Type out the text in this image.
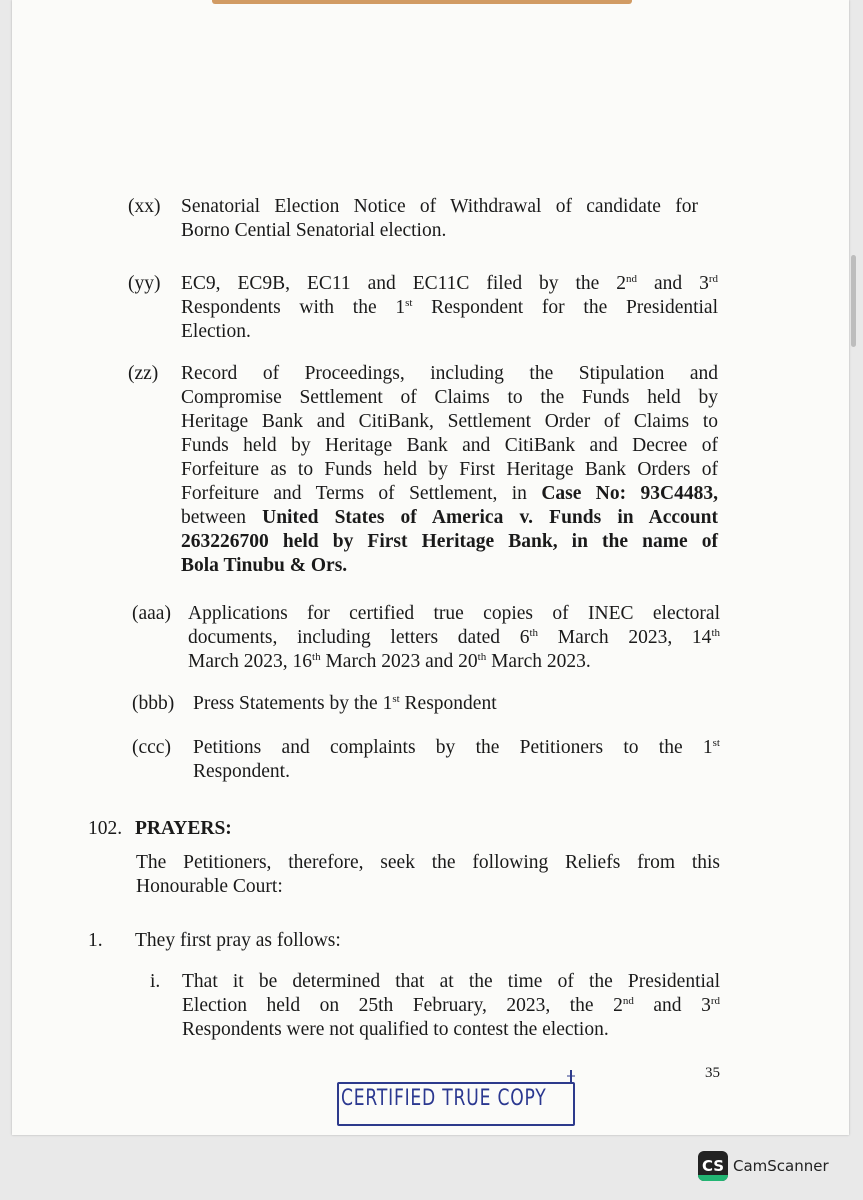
(xx) Senatorial Election Notice of Withdrawal of candidate for
Borno Cential Senatorial election.
(yy) EC9, EC9B, EC11 and EC11C filed by the 2nd and 3rd
Respondents with the 1st Respondent for the Presidential
Election.
(zz) Record of Proceedings, including the Stipulation and
Compromise Settlement of Claims to the Funds held by
Heritage Bank and CitiBank, Settlement Order of Claims to
Funds held by Heritage Bank and CitiBank and Decree of
Forfeiture as to Funds held by First Heritage Bank Orders of
Forfeiture and Terms of Settlement, in Case No: 93C4483,
between United States of America v. Funds in Account
263226700 held by First Heritage Bank, in the name of
Bola Tinubu & Ors.
(aaa) Applications for certified true copies of INEC electoral
documents, including letters dated 6th March 2023, 14th
March 2023, 16th March 2023 and 20th March 2023.
(bbb) Press Statements by the 1st Respondent
(ccc) Petitions and complaints by the Petitioners to the 1st
Respondent.
102. PRAYERS:
The Petitioners, therefore, seek the following Reliefs from this
Honourable Court:
1. They first pray as follows:
i. That it be determined that at the time of the Presidential
Election held on 25th February, 2023, the 2nd and 3rd
Respondents were not qualified to contest the election.
35
CERTIFIED TRUE COPY
CS CamScanner
